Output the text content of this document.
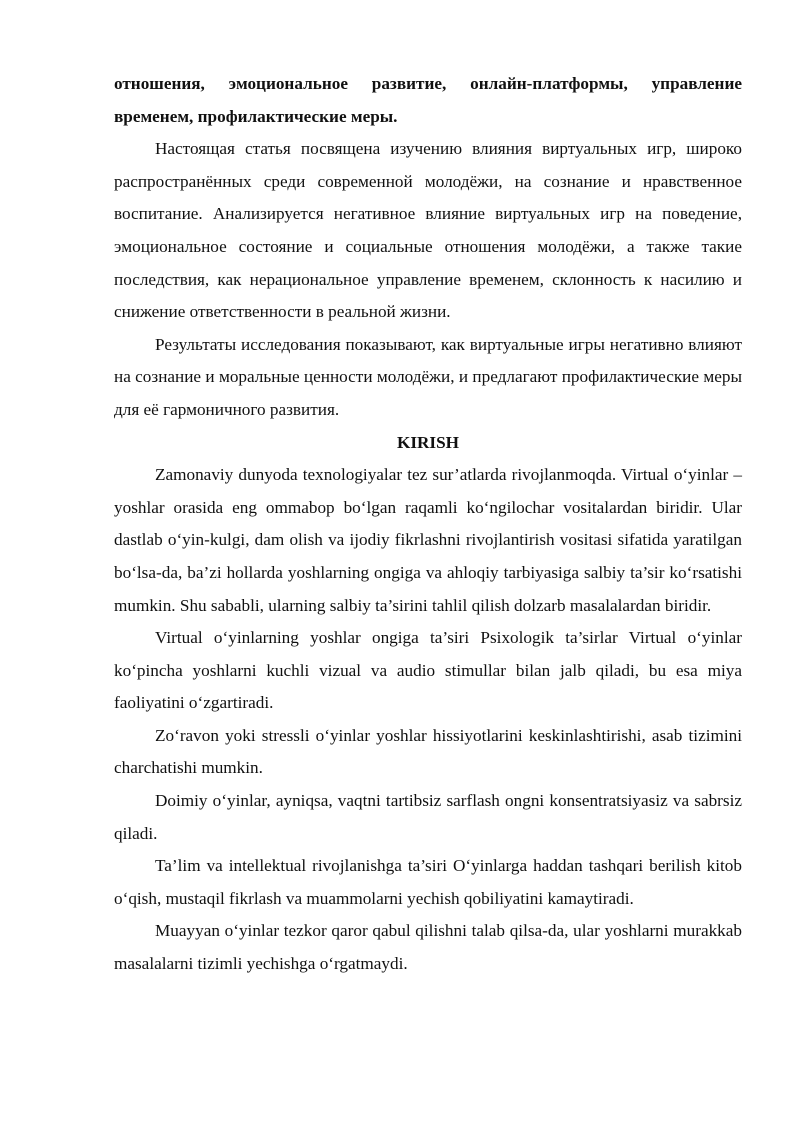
отношения, эмоциональное развитие, онлайн-платформы, управление временем, профилактические меры.

Настоящая статья посвящена изучению влияния виртуальных игр, широко распространённых среди современной молодёжи, на сознание и нравственное воспитание. Анализируется негативное влияние виртуальных игр на поведение, эмоциональное состояние и социальные отношения молодёжи, а также такие последствия, как нерациональное управление временем, склонность к насилию и снижение ответственности в реальной жизни.

Результаты исследования показывают, как виртуальные игры негативно влияют на сознание и моральные ценности молодёжи, и предлагают профилактические меры для её гармоничного развития.

KIRISH

Zamonaviy dunyoda texnologiyalar tez sur’atlarda rivojlanmoqda. Virtual o‘yinlar – yoshlar orasida eng ommabop bo‘lgan raqamli ko‘ngilochar vositalardan biridir. Ular dastlab o‘yin-kulgi, dam olish va ijodiy fikrlashni rivojlantirish vositasi sifatida yaratilgan bo‘lsa-da, ba’zi hollarda yoshlarning ongiga va ahloqiy tarbiyasiga salbiy ta’sir ko‘rsatishi mumkin. Shu sababli, ularning salbiy ta’sirini tahlil qilish dolzarb masalalardan biridir.

Virtual o‘yinlarning yoshlar ongiga ta’siri Psixologik ta’sirlar Virtual o‘yinlar ko‘pincha yoshlarni kuchli vizual va audio stimullar bilan jalb qiladi, bu esa miya faoliyatini o‘zgartiradi.

Zo‘ravon yoki stressli o‘yinlar yoshlar hissiyotlarini keskinlashtirishi, asab tizimini charchatishi mumkin.

Doimiy o‘yinlar, ayniqsa, vaqtni tartibsiz sarflash ongni konsentratsiyasiz va sabrsiz qiladi.

Ta’lim va intellektual rivojlanishga ta’siri O‘yinlarga haddan tashqari berilish kitob o‘qish, mustaqil fikrlash va muammolarni yechish qobiliyatini kamaytiradi.

Muayyan o‘yinlar tezkor qaror qabul qilishni talab qilsa-da, ular yoshlarni murakkab masalalarni tizimli yechishga o‘rgatmaydi.
